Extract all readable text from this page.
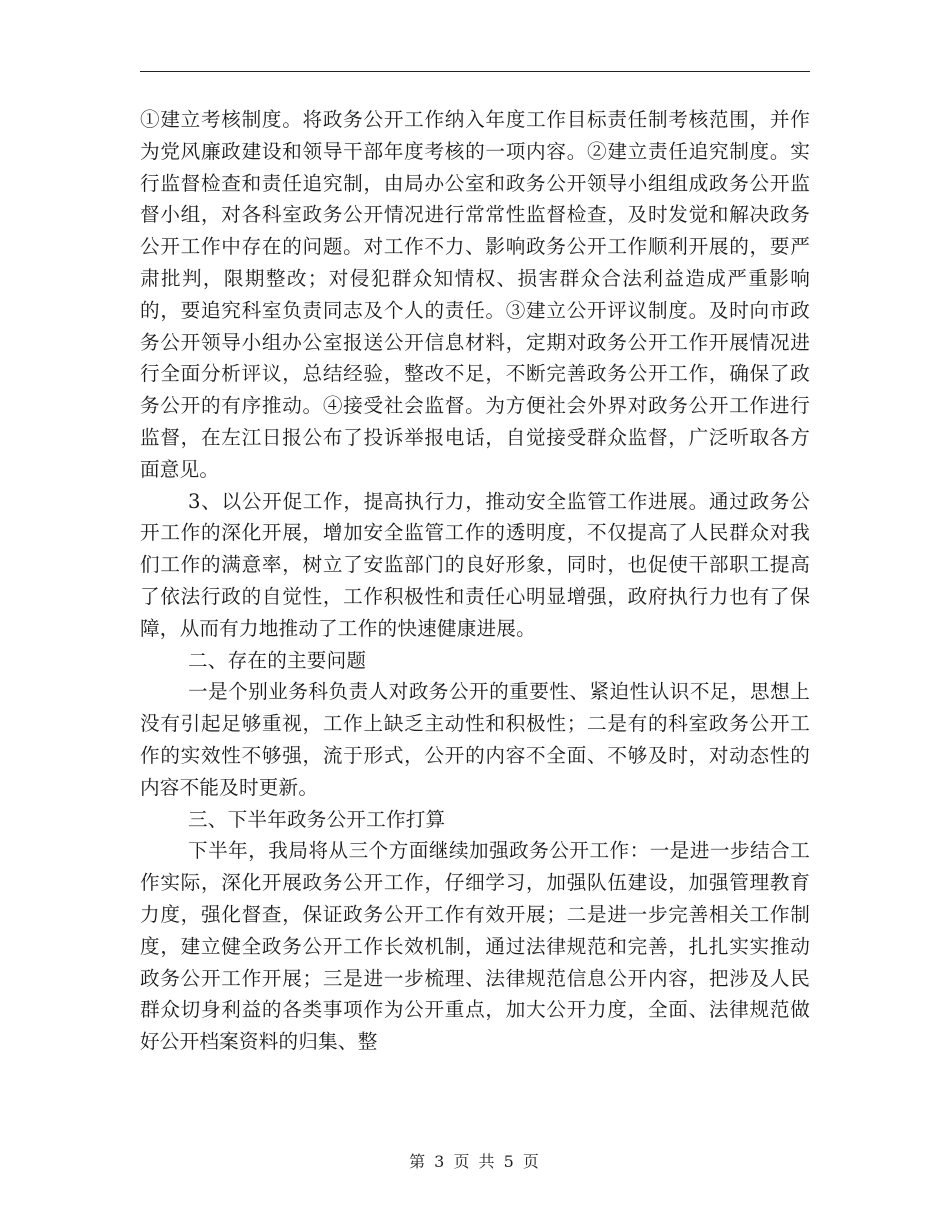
①建立考核制度。将政务公开工作纳入年度工作目标责任制考核范围，并作为党风廉政建设和领导干部年度考核的一项内容。②建立责任追究制度。实行监督检查和责任追究制，由局办公室和政务公开领导小组组成政务公开监督小组，对各科室政务公开情况进行常常性监督检查，及时发觉和解决政务公开工作中存在的问题。对工作不力、影响政务公开工作顺利开展的，要严肃批判，限期整改；对侵犯群众知情权、损害群众合法利益造成严重影响的，要追究科室负责同志及个人的责任。③建立公开评议制度。及时向市政务公开领导小组办公室报送公开信息材料，定期对政务公开工作开展情况进行全面分析评议，总结经验，整改不足，不断完善政务公开工作，确保了政务公开的有序推动。④接受社会监督。为方便社会外界对政务公开工作进行监督，在左江日报公布了投诉举报电话，自觉接受群众监督，广泛听取各方面意见。

3、以公开促工作，提高执行力，推动安全监管工作进展。通过政务公开工作的深化开展，增加安全监管工作的透明度，不仅提高了人民群众对我们工作的满意率，树立了安监部门的良好形象，同时，也促使干部职工提高了依法行政的自觉性，工作积极性和责任心明显增强，政府执行力也有了保障，从而有力地推动了工作的快速健康进展。

二、存在的主要问题

一是个别业务科负责人对政务公开的重要性、紧迫性认识不足，思想上没有引起足够重视，工作上缺乏主动性和积极性；二是有的科室政务公开工作的实效性不够强，流于形式，公开的内容不全面、不够及时，对动态性的内容不能及时更新。

三、下半年政务公开工作打算

下半年，我局将从三个方面继续加强政务公开工作：一是进一步结合工作实际，深化开展政务公开工作，仔细学习，加强队伍建设，加强管理教育力度，强化督查，保证政务公开工作有效开展；二是进一步完善相关工作制度，建立健全政务公开工作长效机制，通过法律规范和完善，扎扎实实推动政务公开工作开展；三是进一步梳理、法律规范信息公开内容，把涉及人民群众切身利益的各类事项作为公开重点，加大公开力度，全面、法律规范做好公开档案资料的归集、整

第 3 页 共 5 页
